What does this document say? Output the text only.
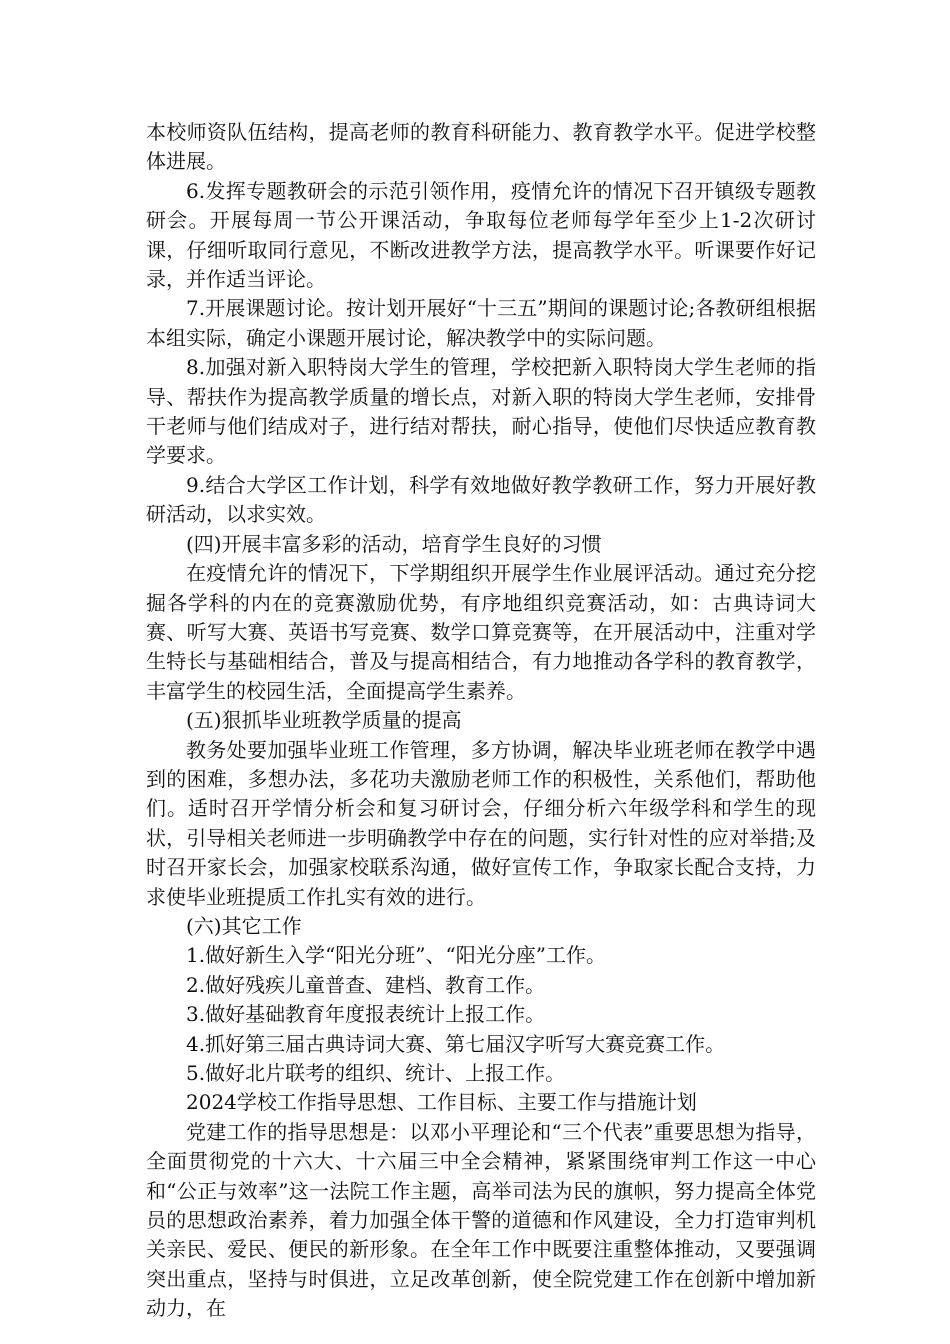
本校师资队伍结构，提高老师的教育科研能力、教育教学水平。促进学校整体进展。

6.发挥专题教研会的示范引领作用，疫情允许的情况下召开镇级专题教研会。开展每周一节公开课活动，争取每位老师每学年至少上1-2次研讨课，仔细听取同行意见，不断改进教学方法，提高教学水平。听课要作好记录，并作适当评论。

7.开展课题讨论。按计划开展好“十三五”期间的课题讨论;各教研组根据本组实际，确定小课题开展讨论，解决教学中的实际问题。

8.加强对新入职特岗大学生的管理，学校把新入职特岗大学生老师的指导、帮扶作为提高教学质量的增长点，对新入职的特岗大学生老师，安排骨干老师与他们结成对子，进行结对帮扶，耐心指导，使他们尽快适应教育教学要求。

9.结合大学区工作计划，科学有效地做好教学教研工作，努力开展好教研活动，以求实效。

(四)开展丰富多彩的活动，培育学生良好的习惯

在疫情允许的情况下，下学期组织开展学生作业展评活动。通过充分挖掘各学科的内在的竞赛激励优势，有序地组织竞赛活动，如：古典诗词大赛、听写大赛、英语书写竞赛、数学口算竞赛等，在开展活动中，注重对学生特长与基础相结合，普及与提高相结合，有力地推动各学科的教育教学，丰富学生的校园生活，全面提高学生素养。

(五)狠抓毕业班教学质量的提高

教务处要加强毕业班工作管理，多方协调，解决毕业班老师在教学中遇到的困难，多想办法，多花功夫激励老师工作的积极性，关系他们，帮助他们。适时召开学情分析会和复习研讨会，仔细分析六年级学科和学生的现状，引导相关老师进一步明确教学中存在的问题，实行针对性的应对举措;及时召开家长会，加强家校联系沟通，做好宣传工作，争取家长配合支持，力求使毕业班提质工作扎实有效的进行。

(六)其它工作

1.做好新生入学“阳光分班”、“阳光分座”工作。

2.做好残疾儿童普查、建档、教育工作。

3.做好基础教育年度报表统计上报工作。

4.抓好第三届古典诗词大赛、第七届汉字听写大赛竞赛工作。

5.做好北片联考的组织、统计、上报工作。

2024学校工作指导思想、工作目标、主要工作与措施计划

党建工作的指导思想是：以邓小平理论和“三个代表”重要思想为指导，全面贯彻党的十六大、十六届三中全会精神，紧紧围绕审判工作这一中心和“公正与效率”这一法院工作主题，高举司法为民的旗帜，努力提高全体党员的思想政治素养，着力加强全体干警的道德和作风建设，全力打造审判机关亲民、爱民、便民的新形象。在全年工作中既要注重整体推动，又要强调突出重点，坚持与时俱进，立足改革创新，使全院党建工作在创新中增加新动力，在
